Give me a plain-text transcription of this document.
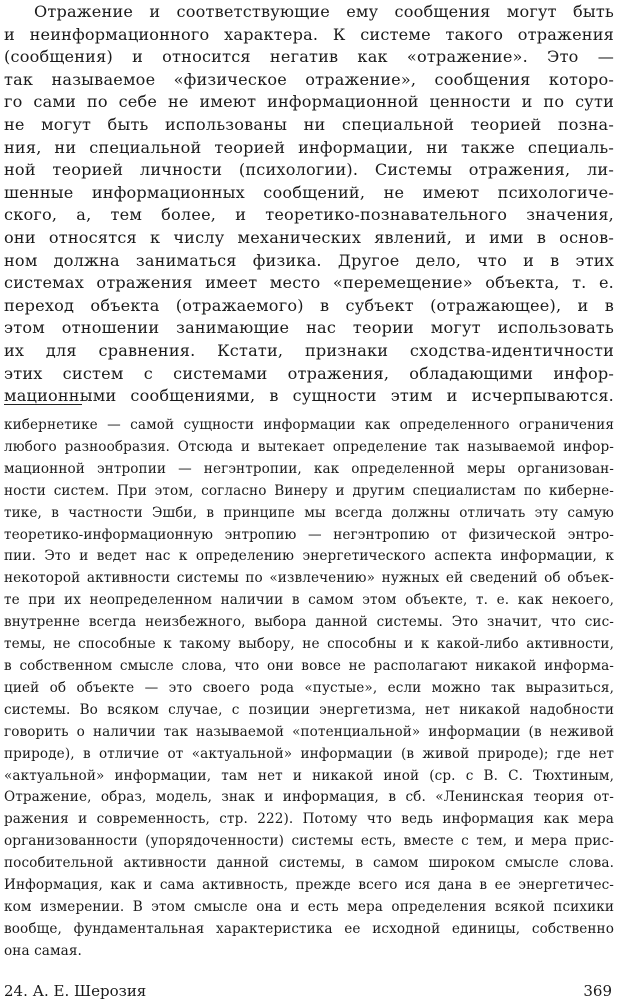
Отражение и соответствующие ему сообщения могут быть
и неинформационного характера. К системе такого отражения
(сообщения) и относится негатив как «отражение». Это —
так называемое «физическое отражение», сообщения которо-
го сами по себе не имеют информационной ценности и по сути
не могут быть использованы ни специальной теорией позна-
ния, ни специальной теорией информации, ни также специаль-
ной теорией личности (психологии). Системы отражения, ли-
шенные информационных сообщений, не имеют психологиче-
ского, а, тем более, и теоретико-познавательного значения,
они относятся к числу механических явлений, и ими в основ-
ном должна заниматься физика. Другое дело, что и в этих
системах отражения имеет место «перемещение» объекта, т. е.
переход объекта (отражаемого) в субъект (отражающее), и в
этом отношении занимающие нас теории могут использовать
их для сравнения. Кстати, признаки сходства-идентичности
этих систем с системами отражения, обладающими инфор-
мационными сообщениями, в сущности этим и исчерпываются.
кибернетике — самой сущности информации как определенного ограничения
любого разнообразия. Отсюда и вытекает определение так называемой инфор-
мационной энтропии — негэнтропии, как определенной меры организован-
ности систем. При этом, согласно Винеру и другим специалистам по киберне-
тике, в частности Эшби, в принципе мы всегда должны отличать эту самую
теоретико-информационную энтропию — негэнтропию от физической энтро-
пии. Это и ведет нас к определению энергетического аспекта информации, к
некоторой активности системы по «извлечению» нужных ей сведений об объек-
те при их неопределенном наличии в самом этом объекте, т. е. как некоего,
внутренне всегда неизбежного, выбора данной системы. Это значит, что сис-
темы, не способные к такому выбору, не способны и к какой-либо активности,
в собственном смысле слова, что они вовсе не располагают никакой информа-
цией об объекте — это своего рода «пустые», если можно так выразиться,
системы. Во всяком случае, с позиции энергетизма, нет никакой надобности
говорить о наличии так называемой «потенциальной» информации (в неживой
природе), в отличие от «актуальной» информации (в живой природе); где нет
«актуальной» информации, там нет и никакой иной (ср. с В. С. Тюхтиным,
Отражение, образ, модель, знак и информация, в сб. «Ленинская теория от-
ражения и современность, стр. 222). Потому что ведь информация как мера
организованности (упорядоченности) системы есть, вместе с тем, и мера прис-
пособительной активности данной системы, в самом широком смысле слова.
Информация, как и сама активность, прежде всего ися дана в ее энергетичес-
ком измерении. В этом смысле она и есть мера определения всякой психики
вообще, фундаментальная характеристика ее исходной единицы, собственно
она самая.
24. А. Е. Шерозия	369
